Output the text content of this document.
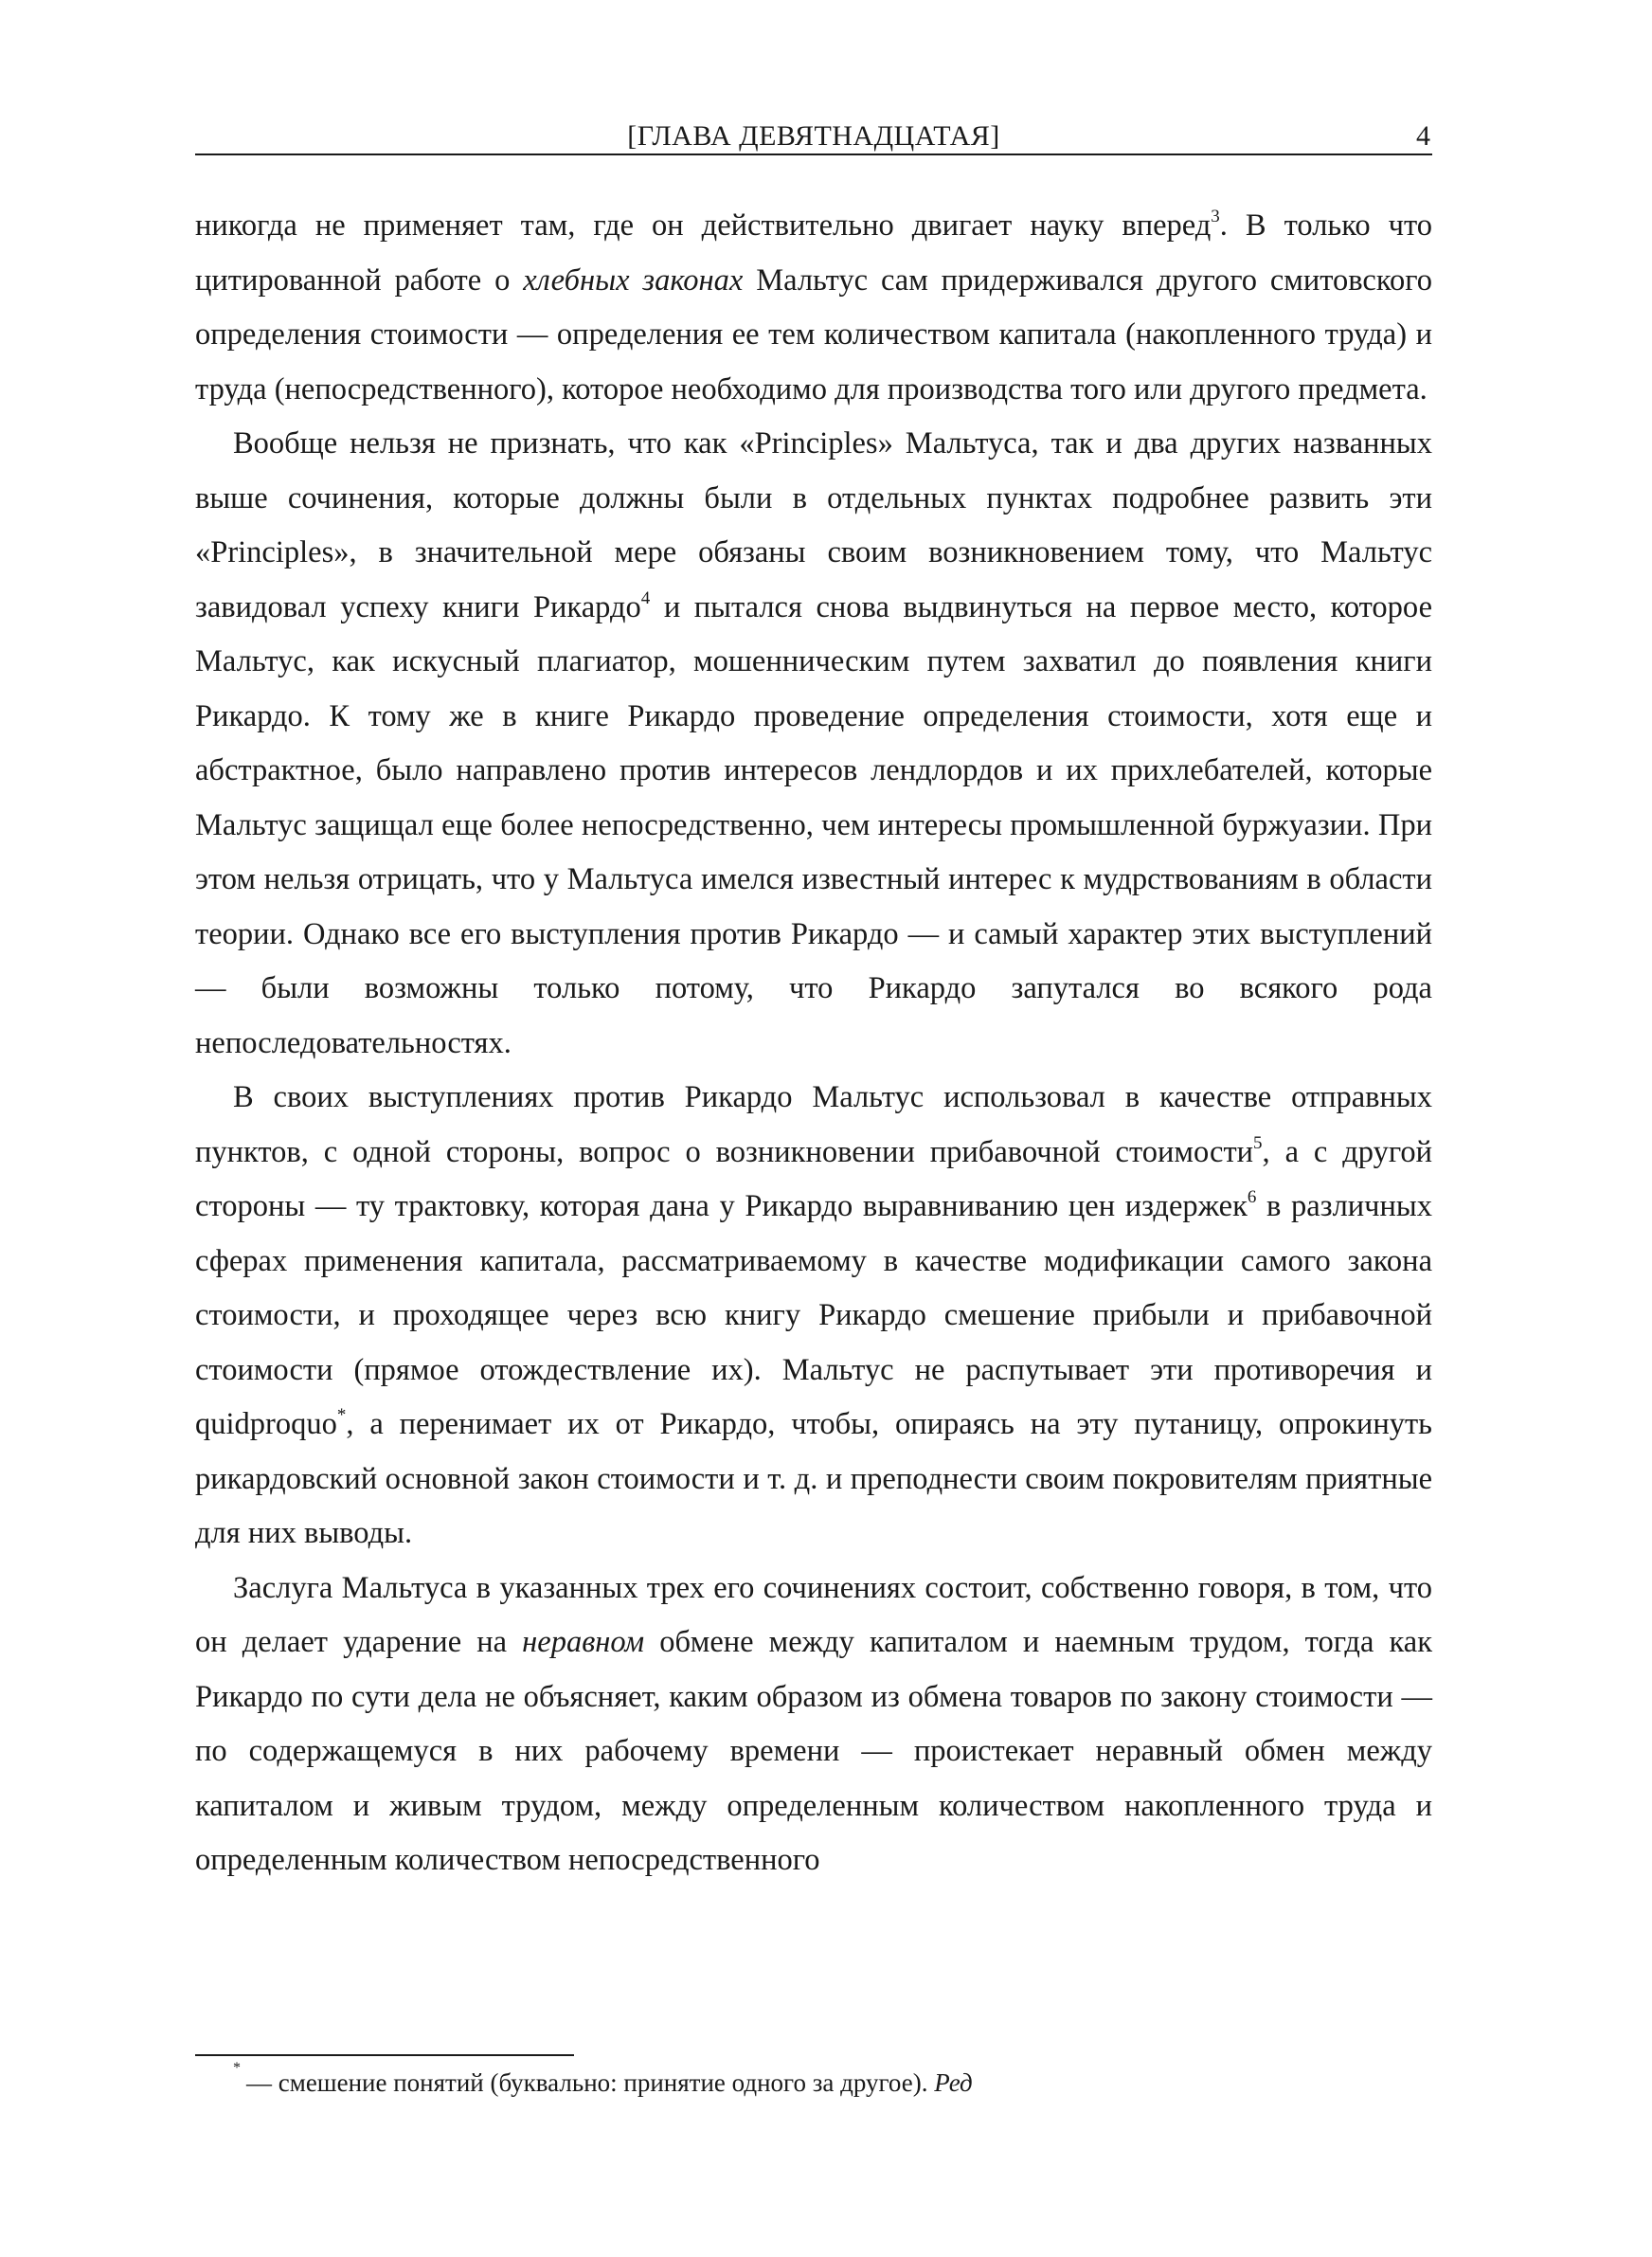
[ГЛАВА ДЕВЯТНАДЦАТАЯ]	4

никогда не применяет там, где он действительно двигает науку вперед$^3$. В только что цитированной работе о хлебных законах Мальтус сам придерживался другого смитовского определения стоимости — определения ее тем количеством капитала (накопленного труда) и труда (непосредственного), которое необходимо для производства того или другого предмета.

Вообще нельзя не признать, что как «Principles» Мальтуса, так и два других названных выше сочинения, которые должны были в отдельных пунктах подробнее развить эти «Principles», в значительной мере обязаны своим возникновением тому, что Мальтус завидовал успеху книги Рикардо$^4$ и пытался снова выдвинуться на первое место, которое Мальтус, как искусный плагиатор, мошенническим путем захватил до появления книги Рикардо. К тому же в книге Рикардо проведение определения стоимости, хотя еще и абстрактное, было направлено против интересов лендлордов и их прихлебателей, которые Мальтус защищал еще более непосредственно, чем интересы промышленной буржуазии. При этом нельзя отрицать, что у Мальтуса имелся известный интерес к мудрствованиям в области теории. Однако все его выступления против Рикардо — и самый характер этих выступлений — были возможны только потому, что Рикардо запутался во всякого рода непоследовательностях.

В своих выступлениях против Рикардо Мальтус использовал в качестве отправных пунктов, с одной стороны, вопрос о возникновении прибавочной стоимости$^5$, а с другой стороны — ту трактовку, которая дана у Рикардо выравниванию цен издержек$^6$ в различных сферах применения капитала, рассматриваемому в качестве модификации самого закона стоимости, и проходящее через всю книгу Рикардо смешение прибыли и прибавочной стоимости (прямое отождествление их). Мальтус не распутывает эти противоречия и quidproquo*, а перенимает их от Рикардо, чтобы, опираясь на эту путаницу, опрокинуть рикардовский основной закон стоимости и т. д. и преподнести своим покровителям приятные для них выводы.

Заслуга Мальтуса в указанных трех его сочинениях состоит, собственно говоря, в том, что он делает ударение на неравном обмене между капиталом и наемным трудом, тогда как Рикардо по сути дела не объясняет, каким образом из обмена товаров по закону стоимости — по содержащемуся в них рабочему времени — проистекает неравный обмен между капиталом и живым трудом, между определенным количеством накопленного труда и определенным количеством непосредственного

*— смешение понятий (буквально: принятие одного за другое). Ред
